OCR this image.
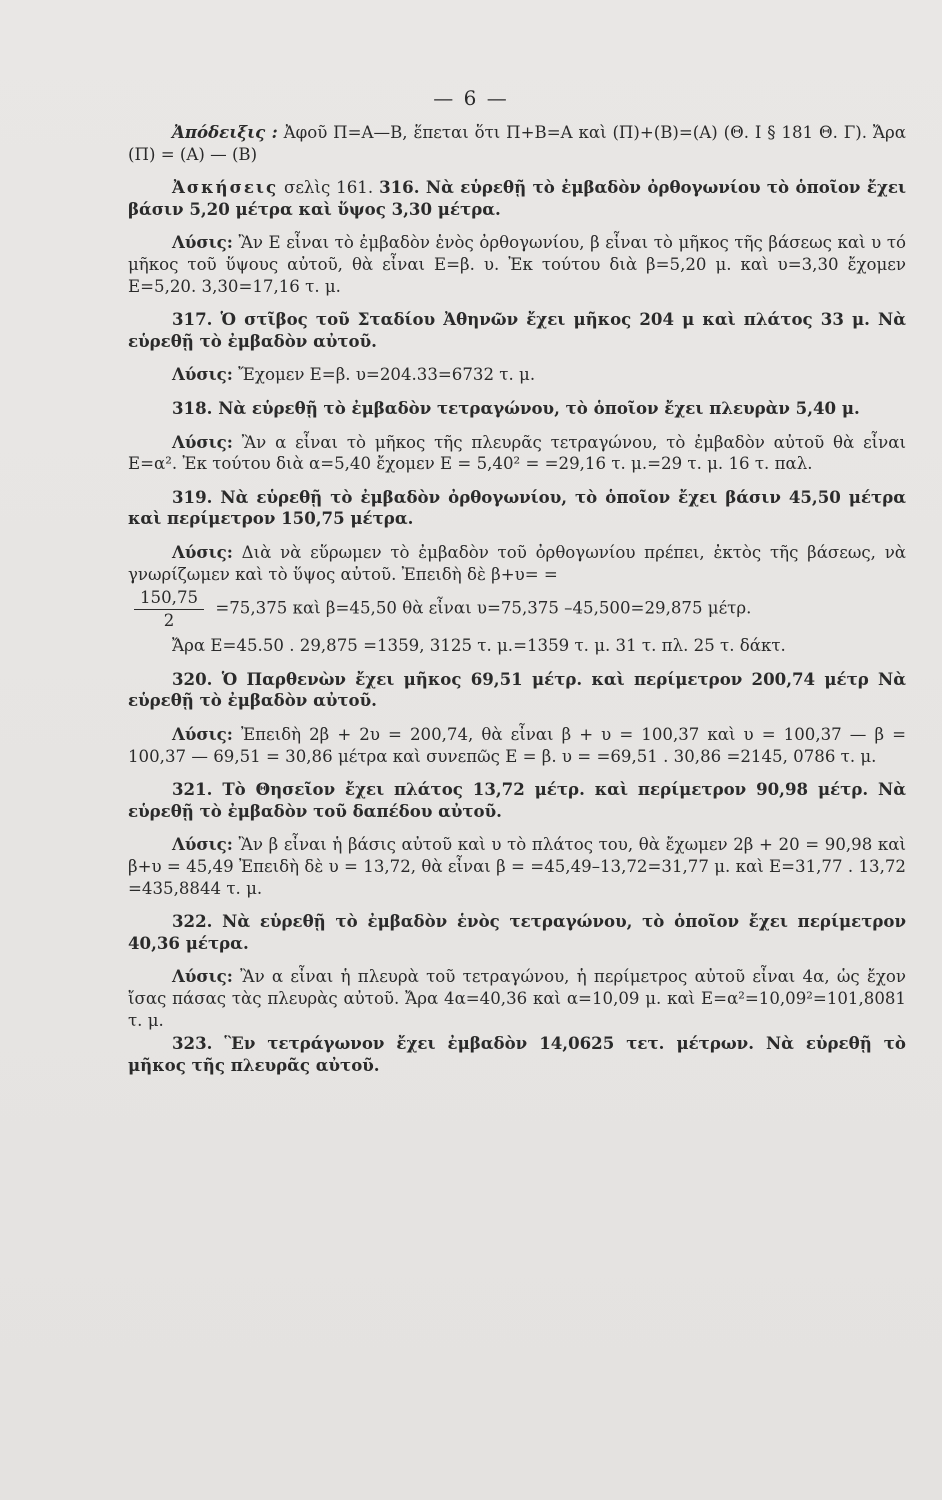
— 6 —

Ἀπόδειξις : Ἀφοῦ Π=Α—Β, ἕπεται ὅτι Π+Β=Α καὶ (Π)+(Β)=(Α) (Θ. Ι § 181 Θ. Γ). Ἄρα (Π) = (Α) — (Β)

Ἀσκήσεις σελὶς 161. 316. Νὰ εὑρεθῇ τὸ ἐμβαδὸν ὀρθογωνίου τὸ ὁποῖον ἔχει βάσιν 5,20 μέτρα καὶ ὕψος 3,30 μέτρα.

Λύσις: Ἂν Ε εἶναι τὸ ἐμβαδὸν ἑνὸς ὀρθογωνίου, β εἶναι τὸ μῆκος τῆς βάσεως καὶ υ τό μῆκος τοῦ ὕψους αὐτοῦ, θὰ εἶναι Ε=β. υ. Ἐκ τούτου διὰ β=5,20 μ. καὶ υ=3,30 ἔχομεν Ε=5,20. 3,30=17,16 τ. μ.

317. Ὁ στῖβος τοῦ Σταδίου Ἀθηνῶν ἔχει μῆκος 204 μ καὶ πλάτος 33 μ. Νὰ εὑρεθῇ τὸ ἐμβαδὸν αὐτοῦ.

Λύσις: Ἔχομεν Ε=β. υ=204.33=6732 τ. μ.

318. Νὰ εὑρεθῇ τὸ ἐμβαδὸν τετραγώνου, τὸ ὁποῖον ἔχει πλευρὰν 5,40 μ.

Λύσις: Ἂν α εἶναι τὸ μῆκος τῆς πλευρᾶς τετραγώνου, τὸ ἐμβαδὸν αὐτοῦ θὰ εἶναι Ε=α². Ἐκ τούτου διὰ α=5,40 ἔχομεν Ε = 5,40² = =29,16 τ. μ.=29 τ. μ. 16 τ. παλ.

319. Νὰ εὑρεθῇ τὸ ἐμβαδὸν ὀρθογωνίου, τὸ ὁποῖον ἔχει βάσιν 45,50 μέτρα καὶ περίμετρον 150,75 μέτρα.

Λύσις: Διὰ νὰ εὕρωμεν τὸ ἐμβαδὸν τοῦ ὀρθογωνίου πρέπει, ἐκτὸς τῆς βάσεως, νὰ γνωρίζωμεν καὶ τὸ ὕψος αὐτοῦ. Ἐπειδὴ δὲ β+υ= =

$\frac{150,75}{2} =75,375$ καὶ β=45,50 θὰ εἶναι υ=75,375 –45,500=29,875 μέτρ.

Ἄρα Ε=45.50 . 29,875 =1359, 3125 τ. μ.=1359 τ. μ. 31 τ. πλ. 25 τ. δάκτ.

320. Ὁ Παρθενὼν ἔχει μῆκος 69,51 μέτρ. καὶ περίμετρον 200,74 μέτρ Νὰ εὑρεθῇ τὸ ἐμβαδὸν αὐτοῦ.

Λύσις: Ἐπειδὴ 2β + 2υ = 200,74, θὰ εἶναι β + υ = 100,37 καὶ υ = 100,37 — β = 100,37 — 69,51 = 30,86 μέτρα καὶ συνεπῶς Ε = β. υ = =69,51 . 30,86 =2145, 0786 τ. μ.

321. Τὸ Θησεῖον ἔχει πλάτος 13,72 μέτρ. καὶ περίμετρον 90,98 μέτρ. Νὰ εὑρεθῇ τὸ ἐμβαδὸν τοῦ δαπέδου αὐτοῦ.

Λύσις: Ἂν β εἶναι ἡ βάσις αὐτοῦ καὶ υ τὸ πλάτος του, θὰ ἔχωμεν 2β + 20 = 90,98 καὶ β+υ = 45,49 Ἐπειδὴ δὲ υ = 13,72, θὰ εἶναι β = =45,49–13,72=31,77 μ. καὶ Ε=31,77 . 13,72 =435,8844 τ. μ.

322. Νὰ εὑρεθῇ τὸ ἐμβαδὸν ἑνὸς τετραγώνου, τὸ ὁποῖον ἔχει περίμετρον 40,36 μέτρα.

Λύσις: Ἂν α εἶναι ἡ πλευρὰ τοῦ τετραγώνου, ἡ περίμετρος αὐτοῦ εἶναι 4α, ὡς ἔχον ἴσας πάσας τὰς πλευρὰς αὐτοῦ. Ἄρα 4α=40,36 καὶ α=10,09 μ. καὶ Ε=α²=10,09²=101,8081 τ. μ.

323. Ἓν τετράγωνον ἔχει ἐμβαδὸν 14,0625 τετ. μέτρων. Νὰ εὑρεθῇ τὸ μῆκος τῆς πλευρᾶς αὐτοῦ.
